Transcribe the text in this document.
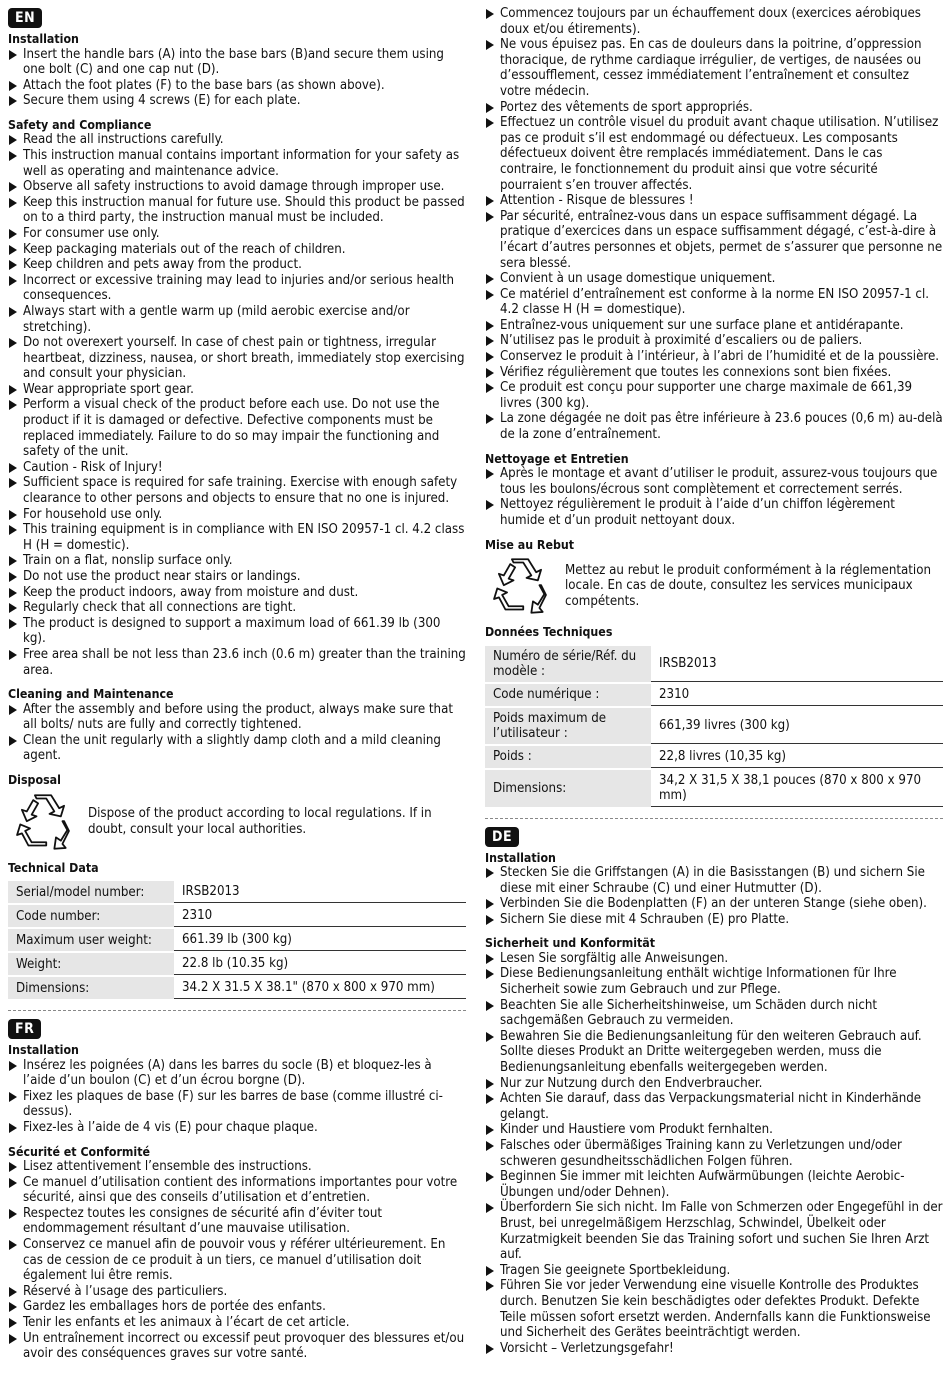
EN
Installation
Insert the handle bars (A) into the base bars (B)and secure them using one bolt (C) and one cap nut (D).
Attach the foot plates (F) to the base bars (as shown above).
Secure them using 4 screws (E) for each plate.
Safety and Compliance
Read the all instructions carefully.
This instruction manual contains important information for your safety as well as operating and maintenance advice.
Observe all safety instructions to avoid damage through improper use.
Keep this instruction manual for future use. Should this product be passed on to a third party, the instruction manual must be included.
For consumer use only.
Keep packaging materials out of the reach of children.
Keep children and pets away from the product.
Incorrect or excessive training may lead to injuries and/or serious health consequences.
Always start with a gentle warm up (mild aerobic exercise and/or stretching).
Do not overexert yourself. In case of chest pain or tightness, irregular heartbeat, dizziness, nausea, or short breath, immediately stop exercising and consult your physician.
Wear appropriate sport gear.
Perform a visual check of the product before each use. Do not use the product if it is damaged or defective. Defective components must be replaced immediately. Failure to do so may impair the functioning and safety of the unit.
Caution - Risk of Injury!
Sufficient space is required for safe training. Exercise with enough safety clearance to other persons and objects to ensure that no one is injured.
For household use only.
This training equipment is in compliance with EN ISO 20957-1 cl. 4.2 class H (H = domestic).
Train on a flat, nonslip surface only.
Do not use the product near stairs or landings.
Keep the product indoors, away from moisture and dust.
Regularly check that all connections are tight.
The product is designed to support a maximum load of 661.39 lb (300 kg).
Free area shall be not less than 23.6 inch (0.6 m) greater than the training area.
Cleaning and Maintenance
After the assembly and before using the product, always make sure that all bolts/ nuts are fully and correctly tightened.
Clean the unit regularly with a slightly damp cloth and a mild cleaning agent.
Disposal
Dispose of the product according to local regulations. If in doubt, consult your local authorities.
Technical Data
Serial/model number:	IRSB2013
Code number:	2310
Maximum user weight:	661.39 lb (300 kg)
Weight:	22.8 lb (10.35 kg)
Dimensions:	34.2 X 31.5 X 38.1" (870 x 800 x 970 mm)
FR
Installation
Insérez les poignées (A) dans les barres du socle (B) et bloquez-les à l’aide d’un boulon (C) et d’un écrou borgne (D).
Fixez les plaques de base (F) sur les barres de base (comme illustré ci-dessus).
Fixez-les à l’aide de 4 vis (E) pour chaque plaque.
Sécurité et Conformité
Lisez attentivement l’ensemble des instructions.
Ce manuel d’utilisation contient des informations importantes pour votre sécurité, ainsi que des conseils d’utilisation et d’entretien.
Respectez toutes les consignes de sécurité afin d’éviter tout endommagement résultant d’une mauvaise utilisation.
Conservez ce manuel afin de pouvoir vous y référer ultérieurement. En cas de cession de ce produit à un tiers, ce manuel d’utilisation doit également lui être remis.
Réservé à l’usage des particuliers.
Gardez les emballages hors de portée des enfants.
Tenir les enfants et les animaux à l’écart de cet article.
Un entraînement incorrect ou excessif peut provoquer des blessures et/ou avoir des conséquences graves sur votre santé.
Commencez toujours par un échauffement doux (exercices aérobiques doux et/ou étirements).
Ne vous épuisez pas. En cas de douleurs dans la poitrine, d’oppression thoracique, de rythme cardiaque irrégulier, de vertiges, de nausées ou d’essoufflement, cessez immédiatement l’entraînement et consultez votre médecin.
Portez des vêtements de sport appropriés.
Effectuez un contrôle visuel du produit avant chaque utilisation. N’utilisez pas ce produit s’il est endommagé ou défectueux. Les composants défectueux doivent être remplacés immédiatement. Dans le cas contraire, le fonctionnement du produit ainsi que votre sécurité pourraient s’en trouver affectés.
Attention - Risque de blessures !
Par sécurité, entraînez-vous dans un espace suffisamment dégagé. La pratique d’exercices dans un espace suffisamment dégagé, c’est-à-dire à l’écart d’autres personnes et objets, permet de s’assurer que personne ne sera blessé.
Convient à un usage domestique uniquement.
Ce matériel d’entraînement est conforme à la norme EN ISO 20957-1 cl. 4.2 classe H (H = domestique).
Entraînez-vous uniquement sur une surface plane et antidérapante.
N’utilisez pas le produit à proximité d’escaliers ou de paliers.
Conservez le produit à l’intérieur, à l’abri de l’humidité et de la poussière.
Vérifiez régulièrement que toutes les connexions sont bien fixées.
Ce produit est conçu pour supporter une charge maximale de 661,39 livres (300 kg).
La zone dégagée ne doit pas être inférieure à 23.6 pouces (0,6 m) au-delà de la zone d’entraînement.
Nettoyage et Entretien
Après le montage et avant d’utiliser le produit, assurez-vous toujours que tous les boulons/écrous sont complètement et correctement serrés.
Nettoyez régulièrement le produit à l’aide d’un chiffon légèrement humide et d’un produit nettoyant doux.
Mise au Rebut
Mettez au rebut le produit conformément à la réglementation locale. En cas de doute, consultez les services municipaux compétents.
Données Techniques
Numéro de série/Réf. du modèle :	IRSB2013
Code numérique :	2310
Poids maximum de l’utilisateur :	661,39 livres (300 kg)
Poids :	22,8 livres (10,35 kg)
Dimensions:	34,2 X 31,5 X 38,1 pouces (870 x 800 x 970 mm)
DE
Installation
Stecken Sie die Griffstangen (A) in die Basisstangen (B) und sichern Sie diese mit einer Schraube (C) und einer Hutmutter (D).
Verbinden Sie die Bodenplatten (F) an der unteren Stange (siehe oben).
Sichern Sie diese mit 4 Schrauben (E) pro Platte.
Sicherheit und Konformität
Lesen Sie sorgfältig alle Anweisungen.
Diese Bedienungsanleitung enthält wichtige Informationen für Ihre Sicherheit sowie zum Gebrauch und zur Pflege.
Beachten Sie alle Sicherheitshinweise, um Schäden durch nicht sachgemäßen Gebrauch zu vermeiden.
Bewahren Sie die Bedienungsanleitung für den weiteren Gebrauch auf. Sollte dieses Produkt an Dritte weitergegeben werden, muss die Bedienungsanleitung ebenfalls weitergegeben werden.
Nur zur Nutzung durch den Endverbraucher.
Achten Sie darauf, dass das Verpackungsmaterial nicht in Kinderhände gelangt.
Kinder und Haustiere vom Produkt fernhalten.
Falsches oder übermäßiges Training kann zu Verletzungen und/oder schweren gesundheitsschädlichen Folgen führen.
Beginnen Sie immer mit leichten Aufwärmübungen (leichte Aerobic-Übungen und/oder Dehnen).
Überfordern Sie sich nicht. Im Falle von Schmerzen oder Engegefühl in der Brust, bei unregelmäßigem Herzschlag, Schwindel, Übelkeit oder Kurzatmigkeit beenden Sie das Training sofort und suchen Sie Ihren Arzt auf.
Tragen Sie geeignete Sportbekleidung.
Führen Sie vor jeder Verwendung eine visuelle Kontrolle des Produktes durch. Benutzen Sie kein beschädigtes oder defektes Produkt. Defekte Teile müssen sofort ersetzt werden. Andernfalls kann die Funktionsweise und Sicherheit des Gerätes beeinträchtigt werden.
Vorsicht – Verletzungsgefahr!
